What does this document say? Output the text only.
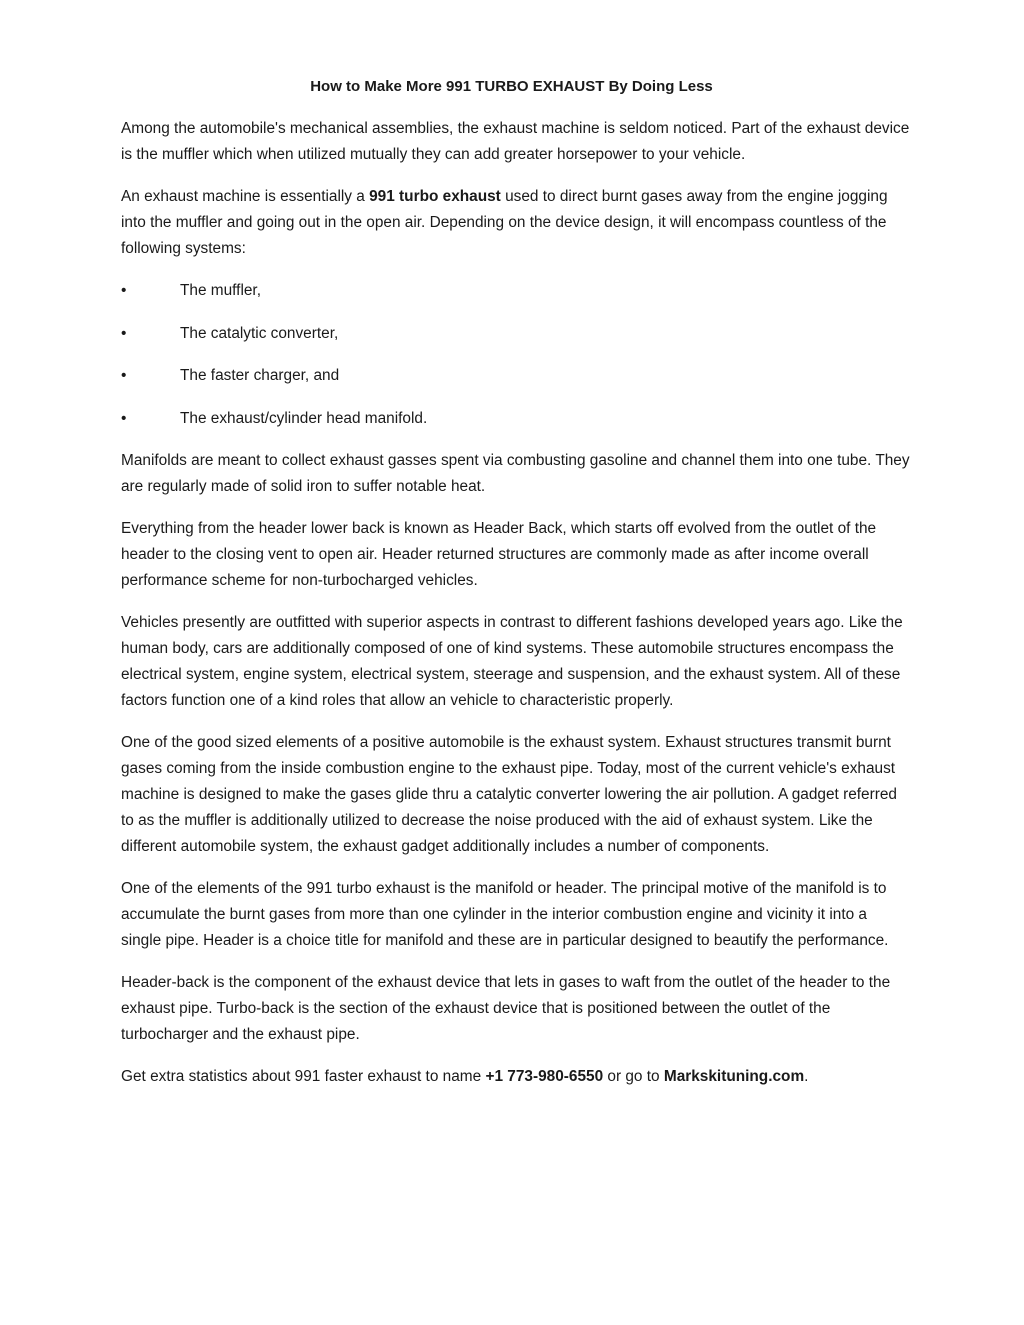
How to Make More 991 TURBO EXHAUST By Doing Less

Among the automobile's mechanical assemblies, the exhaust machine is seldom noticed. Part of the exhaust device is the muffler which when utilized mutually they can add greater horsepower to your vehicle.

An exhaust machine is essentially a 991 turbo exhaust used to direct burnt gases away from the engine jogging into the muffler and going out in the open air. Depending on the device design, it will encompass countless of the following systems:

•	The muffler,
•	The catalytic converter,
•	The faster charger, and
•	The exhaust/cylinder head manifold.

Manifolds are meant to collect exhaust gasses spent via combusting gasoline and channel them into one tube. They are regularly made of solid iron to suffer notable heat.

Everything from the header lower back is known as Header Back, which starts off evolved from the outlet of the header to the closing vent to open air. Header returned structures are commonly made as after income overall performance scheme for non-turbocharged vehicles.

Vehicles presently are outfitted with superior aspects in contrast to different fashions developed years ago. Like the human body, cars are additionally composed of one of kind systems. These automobile structures encompass the electrical system, engine system, electrical system, steerage and suspension, and the exhaust system. All of these factors function one of a kind roles that allow an vehicle to characteristic properly.

One of the good sized elements of a positive automobile is the exhaust system. Exhaust structures transmit burnt gases coming from the inside combustion engine to the exhaust pipe. Today, most of the current vehicle's exhaust machine is designed to make the gases glide thru a catalytic converter lowering the air pollution. A gadget referred to as the muffler is additionally utilized to decrease the noise produced with the aid of exhaust system. Like the different automobile system, the exhaust gadget additionally includes a number of components.

One of the elements of the 991 turbo exhaust is the manifold or header. The principal motive of the manifold is to accumulate the burnt gases from more than one cylinder in the interior combustion engine and vicinity it into a single pipe. Header is a choice title for manifold and these are in particular designed to beautify the performance.

Header-back is the component of the exhaust device that lets in gases to waft from the outlet of the header to the exhaust pipe. Turbo-back is the section of the exhaust device that is positioned between the outlet of the turbocharger and the exhaust pipe.

Get extra statistics about 991 faster exhaust to name +1 773-980-6550 or go to Markskituning.com.
